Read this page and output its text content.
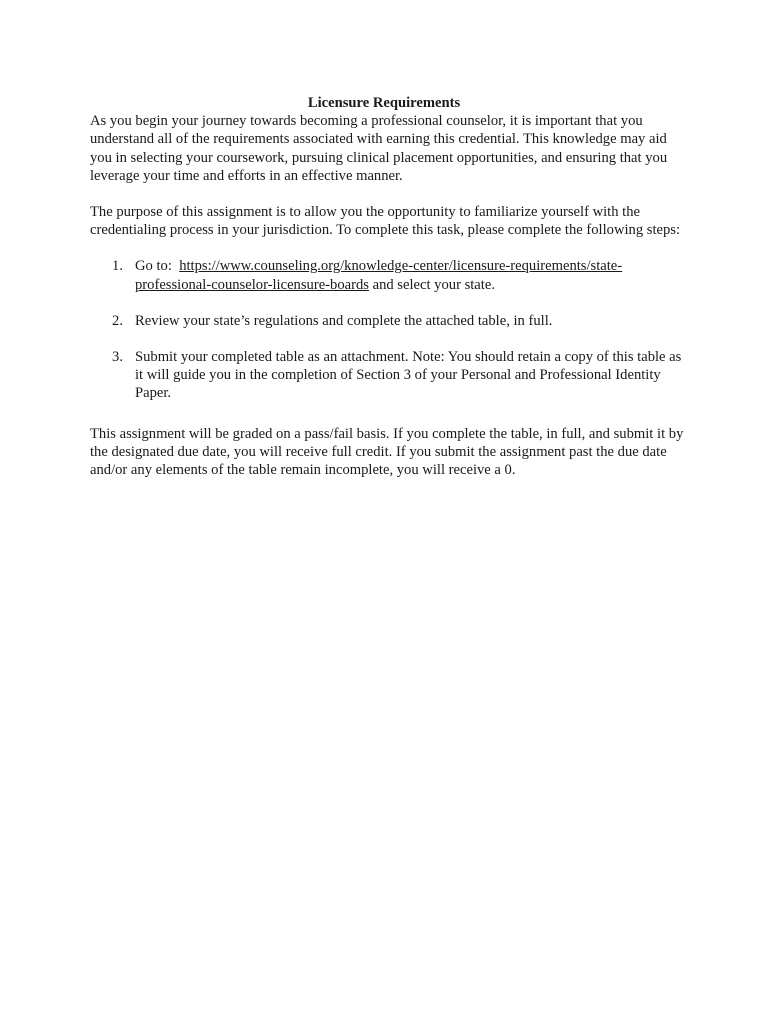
Licensure Requirements

As you begin your journey towards becoming a professional counselor, it is important that you understand all of the requirements associated with earning this credential. This knowledge may aid you in selecting your coursework, pursuing clinical placement opportunities, and ensuring that you leverage your time and efforts in an effective manner.

The purpose of this assignment is to allow you the opportunity to familiarize yourself with the credentialing process in your jurisdiction. To complete this task, please complete the following steps:

1. Go to:  https://www.counseling.org/knowledge-center/licensure-requirements/state-professional-counselor-licensure-boards and select your state.
2. Review your state’s regulations and complete the attached table, in full.
3. Submit your completed table as an attachment. Note: You should retain a copy of this table as it will guide you in the completion of Section 3 of your Personal and Professional Identity Paper.

This assignment will be graded on a pass/fail basis. If you complete the table, in full, and submit it by the designated due date, you will receive full credit. If you submit the assignment past the due date and/or any elements of the table remain incomplete, you will receive a 0.
